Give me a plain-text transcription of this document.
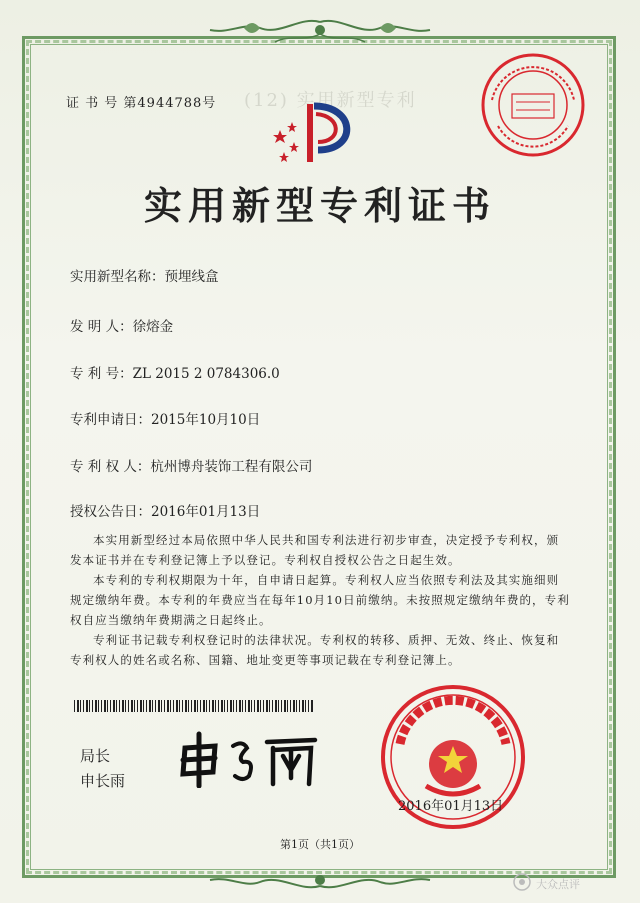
(12) 实用新型专利
证 书 号 第4944788号
实用新型专利证书
实用新型名称：预埋线盒
发 明 人：徐熔金
专 利 号：ZL 2015 2 0784306.0
专利申请日：2015年10月10日
专 利 权 人：杭州博舟装饰工程有限公司
授权公告日：2016年01月13日

本实用新型经过本局依照中华人民共和国专利法进行初步审查，决定授予专利权，颁发本证书并在专利登记簿上予以登记。专利权自授权公告之日起生效。

本专利的专利权期限为十年，自申请日起算。专利权人应当依照专利法及其实施细则规定缴纳年费。本专利的年费应当在每年10月10日前缴纳。未按照规定缴纳年费的，专利权自应当缴纳年费期满之日起终止。

专利证书记载专利权登记时的法律状况。专利权的转移、质押、无效、终止、恢复和专利权人的姓名或名称、国籍、地址变更等事项记载在专利登记簿上。

局长
申长雨
申长雨
2016年01月13日
第1页（共1页）
大众点评
